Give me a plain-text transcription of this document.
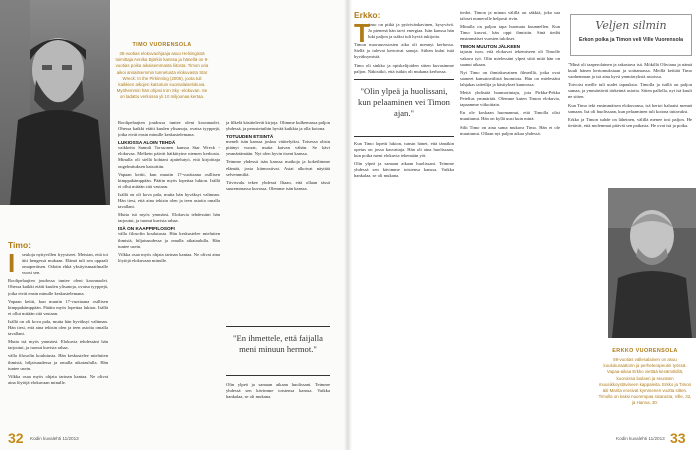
TIMO VUORENSOLA
35-vuotias elokuvaohjaaja asuu Helsingissä toimittaja Annika Björkin kanssa ja hänellä on 9-vuotias poika aikaisemmasta liitosta. Timon uria aikoi ansaitsemmin tunnetusta elokuvasta Star Wreck: In the Pirkinning (2005), joota tuli kaikkien aikojen katsotuin suomalaiselokuva. Myöhemmin hän ohjasi Iron Sky -elokuvan. Se on ladattu verkossa yli 10 miljoonaa kertaa.
ERKKO VUORENSOLA
59-vuotias vallesalainen on asuu koulukuraattorin ja perheterapeutin työssä. Vapaa-aikaa Erkko viettää kesämökillä, kuoroissa laulaen ja seuraten muusikkoystävineen kappaleita. Erkko ja Timon äiti Marita erosivat kymmenen vuotta sitten. Timolla on kaksi nuorempaa sisarusta, Ville, 32, ja Hanna, 30.
Timo:
I seuloja nyttyvillen fryysiseet. Meistan, että toi äiti hengessä mukaan. Elämä tuli sen oppaali omaperäisen. Odotin ehkä yksityismaailmalle vuosi sen.

Roolipelaajien joudossa tuntee oleni koonnaolet. Ohessa kaikki etäiti kuulen ylisanoja, ovatsa tyyppejä, jotka eivät ensin minulle keskustelemana.

Vapaan keitti, kun muutin 17-vuotiaana osillisen kimppakämppään. Päätin myös lopettaa lukion. Isällä ei ollut mitään sitä vastaan.

Isällä on oli kova pala, mutta hän hyväksyi valinnan. Hän tiesi, että aina tekisin olen ja teen asioita omalla tavallani.

Mutta isä myös ymmärsi. Elokuvia tehdessäni hän tarjoutui, ja tuonut kuvista rahaa.

välla filosofin koulutusta. Hän keskustelee mieluiten ihmisiä, hiljaisuudessa ja omalla aikataululla. Hän tuntee usein.

Vilkka osaa myös ohjata tarinan kantaa. Ne olivat aina löytöjä elokuvaan minulle.

Roolipelaajien joudossa tuntee oleni koonnaolet. Ohessa kaikki etäiti kuulen ylisanoja, ovatsa tyyppejä, jotka eivät ensin minulle keskustelemana.

LUKIOSSA ALOIN TEHDÄ

vaikkeita Samuli Torssonen kanssa Star Wreck -elokuvaa. Melkein päivät hätkittyine niemen kerhosta. Minulla oli siellä kohtani ajattelutyö, että kirjoittaja ongelmituksen katsottiin.

Vapaan keitti, kun muutin 17-vuotiaana osillisen kimppakämppään. Päätin myös lopettaa lukion. Isällä ei ollut mitään sitä vastaan.

Isällä on oli kova pala, mutta hän hyväksyi valinnan. Hän tiesi, että aina tekisin olen ja teen asioita omalla tavallani.

Mutta isä myös ymmärsi. Elokuvia tehdessäni hän tarjoutui, ja tuonut kuvista rahaa.

ISÄ ON KAAPPIFILOSOFI

välla filosofin koulutusta. Hän keskustelee mieluiten ihmisiä, hiljaisuudessa ja omalla aikataululla. Hän tuntee usein.

Vilkka osaa myös ohjata tarinan kantaa. Ne olivat aina löytöjä elokuvaan minulle.

ja filkelä käsittelevät kirjoja. Olimme kulkemassa paljon yhdessä, ja perustetuihin hyvää kaikkia ja olla kotona.

TOTUUDEN ETSINTÄ

meneli isän kanssa joskus väittelyiksi. Toisessa olisin pitänyt vuorat, mutta kaivan vähän. Se kävi ymmärtämään. Nyt olen hyvin itseni kanssa.

Teimme yhdessä isän kanssa matkoja ja kokeilimme elämää, josta kiinnostivat. Asiat alkoivat näyttää selvemmiltä.

Tiivisvalu tekee yhdessä Iltaan, että ollaan tässä suuremmassa kuvassa. Olemme isän kanssa.

"En ihmettele, että faijalla meni minuun hermot."

Olin ylpeä ja samaan aikaan huolissani. Teimme yhdessä sen kävimme toistensa kanssa. Vaikka hankalaa, se oli mukana.

Erkko:
T

timo on pitkä ja pyörivänkavinen, kysyvävä. Jo pienenä hän tarvi energiaa. Isän kanssa hän luki paljon ja isäksi tuli hyviä tukijoita.

Timon nuoruusvuosien aika oli mennyt kerhossa. Siellä ja tulevat kertoivat sanoja. Siihen kului isää hyväksymistä.

Timo oli sinkko ja opiskelijoiden sitten kuvasimme paljon. Näkisitkö, että isäkin oli mukana kerhossa.

"Olin ylpeä ja huolissani, kun pelaaminen vei Timon ajan."

Kun Timo lopetti lukion, tunsin hänet, että tämäkin opetus on jossa kasvattaja. Hän oli aina huolissaan, kun poika meni elokuvia tekemään yöt.

Olin ylpeä ja samaan aikaan huolissani. Teimme yhdessä sen kävimme toistensa kanssa. Vaikka hankalaa, se oli mukana.

tiedot. Timon ja minun välillä on säkkiä, joka saa taloset numerolle helposti rivin.

Minulla on paljon tapa huomata kuunnellen. Kun Timo kasvoi, hän oppi ihmisiin. Sinä tiedät ensimmäiset vuosien tulokset.

TIMON MUUTON JÄLKEEN

tajusin ison, että elokuvat tekemiseen oli Timolle vakava työ. Olin mielessäni ylpeä siitä mitä hän on saanut aikaan.

Nyt Timo on ihmiskuvainen filmeillä, jotka ovat saaneet kansainvälistä huomiota. Hän on mielestäni lahjakas taiteilija ja käsitykset kunnossa.

Meitä yhdistää huumorintaju, jota Pirkka-Pekka Petelius ymmärtää. Olemme kuten Timon elokuvia, tapaamme viikoittain.

En ole koskaan huomannut, että Timolla olisi muuttunut. Hän on kyllä uusi kuin minä.

Silti Timo on aina sama mukava Timo. Hän ei ole muuttunut. Ollaan nyt paljon aikaa yhdessä.

Veljen silmin
Erkon poika ja Timon veli Ville Vuorensola

"Minä oli taaperolainen ja rakastava isä. Mökillä Oliviana ja nämä kuuli hänen kertomuksiaan ja soittamassa. Meillä keittää Timo vanhemman ja isä aina hyvä ymmärryksiä asioissa.

Toivoisi meille tuli uudet tapauksia. Timolla ja isällä on paljon samaa, ja ymmärtävät tärkeintä asioita. Sitten pallolla, nyt isä kuuli ne sitten.

Kun Timo teki ensimmäisen elokuvansa, isä kertoi haluaisi mennä samaan. Isä oli huolissaan, kun pelaaminen tuli kotona tuttavaksi.

Erkko ja Timon suhde on läheinen, välillä menee tosi paljon. He tietävät, että molemmat pitävät sen paikasta. He ovat isä ja poika.

32 Kodin kuvalehti 11/2013	Kodin kuvalehti 11/2013 33
